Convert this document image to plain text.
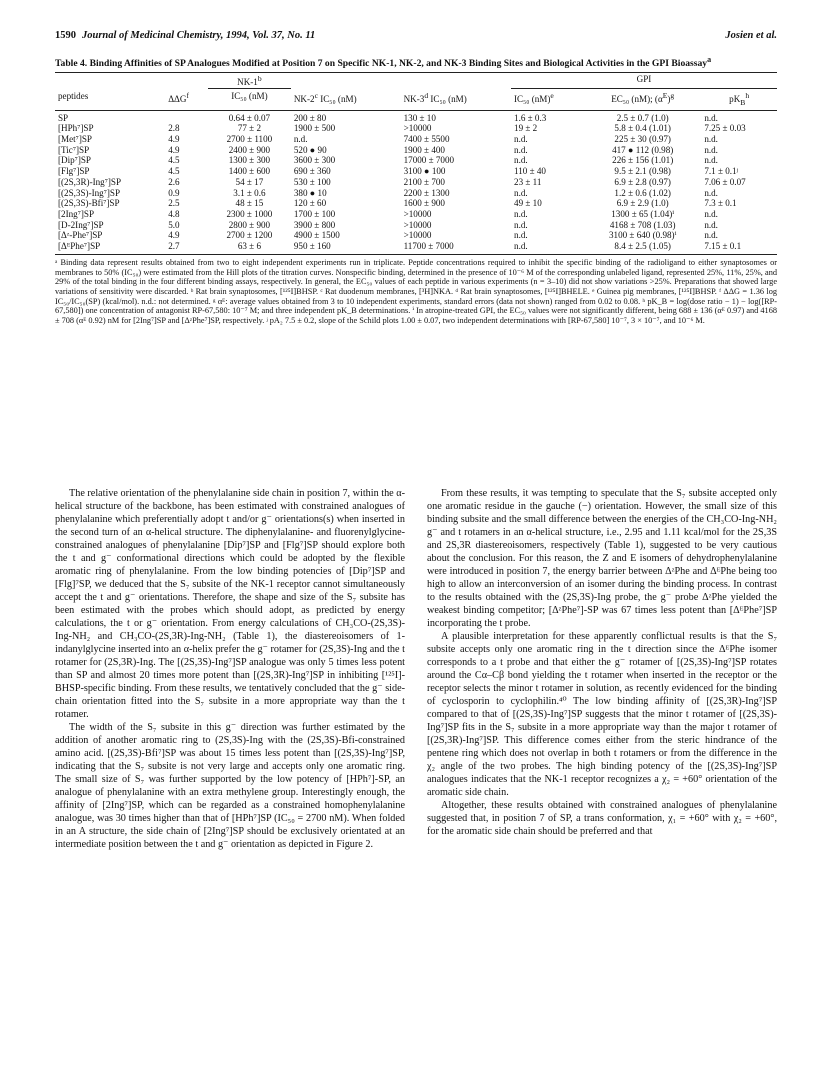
1590 Journal of Medicinal Chemistry, 1994, Vol. 37, No. 11	Josien et al.
Table 4. Binding Affinities of SP Analogues Modified at Position 7 on Specific NK-1, NK-2, and NK-3 Binding Sites and Biological Activities in the GPI Bioassay$^a$
		NK-1$^b$			GPI		
peptides	ΔΔG$^f$	IC₅₀ (nM)	NK-2$^c$ IC₅₀ (nM)	NK-3$^d$ IC₅₀ (nM)	IC₅₀ (nM)$^e$	EC₅₀ (nM); $(\alpha^E)^g$	$pK_B^h$
SP		0.64 ± 0.07	200 ± 80	130 ± 10	1.6 ± 0.3	2.5 ± 0.7 (1.0)	n.d.
[HPh⁷]SP	2.8	77 ± 2	1900 ± 500	>10000	19 ± 2	5.8 ± 0.4 (1.01)	7.25 ± 0.03
[Met⁷]SP	4.9	2700 ± 1100	n.d.	7400 ± 5500	n.d.	225 ± 30 (0.97)	n.d.
[Tic⁷]SP	4.9	2400 ± 900	520 ● 90	1900 ± 400	n.d.	417 ● 112 (0.98)	n.d.
[Dip⁷]SP	4.5	1300 ± 300	3600 ± 300	17000 ± 7000	n.d.	226 ± 156 (1.01)	n.d.
[Flg⁷]SP	4.5	1400 ± 600	690 ± 360	3100 ● 100	110 ± 40	9.5 ± 2.1 (0.98)	7.1 ± 0.1ʲ
[(2S,3R)-Ing⁷]SP	2.6	54 ± 17	530 ± 100	2100 ± 700	23 ± 11	6.9 ± 2.8 (0.97)	7.06 ± 0.07
[(2S,3S)-Ing⁷]SP	0.9	3.1 ± 0.6	380 ● 10	2200 ± 1300	n.d.	1.2 ± 0.6 (1.02)	n.d.
[(2S,3S)-Bfi⁷]SP	2.5	48 ± 15	120 ± 60	1600 ± 900	49 ± 10	6.9 ± 2.9 (1.0)	7.3 ± 0.1
[2Ing⁷]SP	4.8	2300 ± 1000	1700 ± 100	>10000	n.d.	1300 ± 65 (1.04)ⁱ	n.d.
[D-2Ing⁷]SP	5.0	2800 ± 900	3900 ± 800	>10000	n.d.	4168 ± 708 (1.03)	n.d.
[Δᶻ-Phe⁷]SP	4.9	2700 ± 1200	4900 ± 1500	>10000	n.d.	3100 ± 640 (0.98)ⁱ	n.d.
[ΔᴱPhe⁷]SP	2.7	63 ± 6	950 ± 160	11700 ± 7000	n.d.	8.4 ± 2.5 (1.05)	7.15 ± 0.1
ᵃ Binding data represent results obtained from two to eight independent experiments run in triplicate. Peptide concentrations required to inhibit the specific binding of the radioligand to either synaptosomes or membranes to 50% (IC₅₀) were estimated from the Hill plots of the titration curves. Nonspecific binding, determined in the presence of 10⁻⁶ M of the corresponding unlabeled ligand, represented 25%, 11%, 25%, and 29% of the total binding in the four different binding assays, respectively. In general, the EC₅₀ values of each peptide in various experiments (n = 3–10) did not show variations >25%. Preparations that showed large variations of sensitivity were discarded. ᵇ Rat brain synaptosomes, [¹²⁵I]BHSP. ᶜ Rat duodenum membranes, [³H]NKA. ᵈ Rat brain synaptosomes, [¹²⁵I]BHELE. ᵉ Guinea pig membranes, [¹²⁵I]BHSP. ᶠ ΔΔG = 1.36 log IC₅₀/IC₅₀(SP) (kcal/mol). n.d.: not determined. ᵍ αᴱ: average values obtained from 3 to 10 independent experiments, standard errors (data not shown) ranged from 0.02 to 0.08. ʰ pK_B = log(dose ratio − 1) − log([RP-67,580]) one concentration of antagonist RP-67,580: 10⁻⁷ M; and three independent pK_B determinations. ⁱ In atropine-treated GPI, the EC₅₀ values were not significantly different, being 688 ± 136 (αᴱ 0.97) and 4168 ± 708 (αᴱ 0.92) nM for [2Ing⁷]SP and [ΔᶻPhe⁷]SP, respectively. ʲ pA₂ 7.5 ± 0.2, slope of the Schild plots 1.00 ± 0.07, two independent determinations with [RP-67,580] 10⁻⁷, 3 × 10⁻⁷, and 10⁻⁶ M.

The relative orientation of the phenylalanine side chain in position 7, within the α-helical structure of the backbone, has been estimated with constrained analogues of phenylalanine which preferentially adopt t and/or g⁻ orientations(s) when inserted in the second turn of an α-helical structure. The diphenylalanine- and fluorenylglycine-constrained analogues of phenylalanine [Dip⁷]SP and [Flg⁷]SP should explore both the t and g⁻ conformational directions which could be adopted by the flexible aromatic ring of phenylalanine. From the low binding potencies of [Dip⁷]SP and [Flg]⁷SP, we deduced that the S₇ subsite of the NK-1 receptor cannot simultaneously accept the t and g⁻ orientations. Therefore, the shape and size of the S₇ subsite has been estimated with the probes which should adopt, as predicted by energy calculations, the t or g⁻ orientation. From energy calculations of CH₃CO-(2S,3S)-Ing-NH₂ and CH₃CO-(2S,3R)-Ing-NH₂ (Table 1), the diastereoisomers of 1-indanylglycine inserted into an α-helix prefer the g⁻ rotamer for (2S,3S)-Ing and the t rotamer for (2S,3R)-Ing. The [(2S,3S)-Ing⁷]SP analogue was only 5 times less potent than SP and almost 20 times more potent than [(2S,3R)-Ing⁷]SP in inhibiting [¹²⁵I]-BHSP-specific binding. From these results, we tentatively concluded that the g⁻ side-chain orientation fitted into the S₇ subsite in a more appropriate way than the t rotamer.

The width of the S₇ subsite in this g⁻ direction was further estimated by the addition of another aromatic ring to (2S,3S)-Ing with the (2S,3S)-Bfi-constrained amino acid. [(2S,3S)-Bfi⁷]SP was about 15 times less potent than [(2S,3S)-Ing⁷]SP, indicating that the S₇ subsite is not very large and accepts only one aromatic ring. The small size of S₇ was further supported by the low potency of [HPh⁷]-SP, an analogue of phenylalanine with an extra methylene group. Interestingly enough, the affinity of [2Ing⁷]SP, which can be regarded as a constrained homophenylalanine analogue, was 30 times higher than that of [HPh⁷]SP (IC₅₀ = 2700 nM). When folded in an A structure, the side chain of [2Ing⁷]SP should be exclusively orientated at an intermediate position between the t and g⁻ orientation as depicted in Figure 2.

From these results, it was tempting to speculate that the S₇ subsite accepted only one aromatic residue in the gauche (−) orientation. However, the small size of this binding subsite and the small difference between the energies of the CH₃CO-Ing-NH₂ g⁻ and t rotamers in an α-helical structure, i.e., 2.95 and 1.11 kcal/mol for the 2S,3S and 2S,3R diastereoisomers, respectively (Table 1), suggested to be very cautious about the conclusion. For this reason, the Z and E isomers of dehydrophenylalanine were introduced in position 7, the energy barrier between ΔᶻPhe and ΔᴱPhe being too high to allow an interconversion of an isomer during the binding process. In contrast to the results obtained with the (2S,3S)-Ing probe, the g⁻ probe ΔᶻPhe yielded the weakest binding competitor; [ΔᶻPhe⁷]-SP was 67 times less potent than [ΔᴱPhe⁷]SP incorporating the t probe.

A plausible interpretation for these apparently conflictual results is that the S₇ subsite accepts only one aromatic ring in the t direction since the ΔᴱPhe isomer corresponds to a t probe and that either the g⁻ rotamer of [(2S,3S)-Ing⁷]SP rotates around the Cα–Cβ bond yielding the t rotamer when inserted in the receptor or the receptor selects the minor t rotamer in solution, as recently evidenced for the binding of cyclosporin to cyclophilin.⁴⁰ The low binding affinity of [(2S,3R)-Ing⁷]SP compared to that of [(2S,3S)-Ing⁷]SP suggests that the minor t rotamer of [(2S,3S)-Ing⁷]SP fits in the S₇ subsite in a more appropriate way than the major t rotamer of [(2S,3R)-Ing⁷]SP. This difference comes either from the steric hindrance of the pentene ring which does not overlap in both t rotamers or from the difference in the χ₂ angle of the two probes. The high binding potency of the [(2S,3S)-Ing⁷]SP analogues indicates that the NK-1 receptor recognizes a χ₂ = +60° orientation of the aromatic side chain.

Altogether, these results obtained with constrained analogues of phenylalanine suggested that, in position 7 of SP, a trans conformation, χ₁ = +60° with χ₂ = +60°, for the aromatic side chain should be preferred and that
